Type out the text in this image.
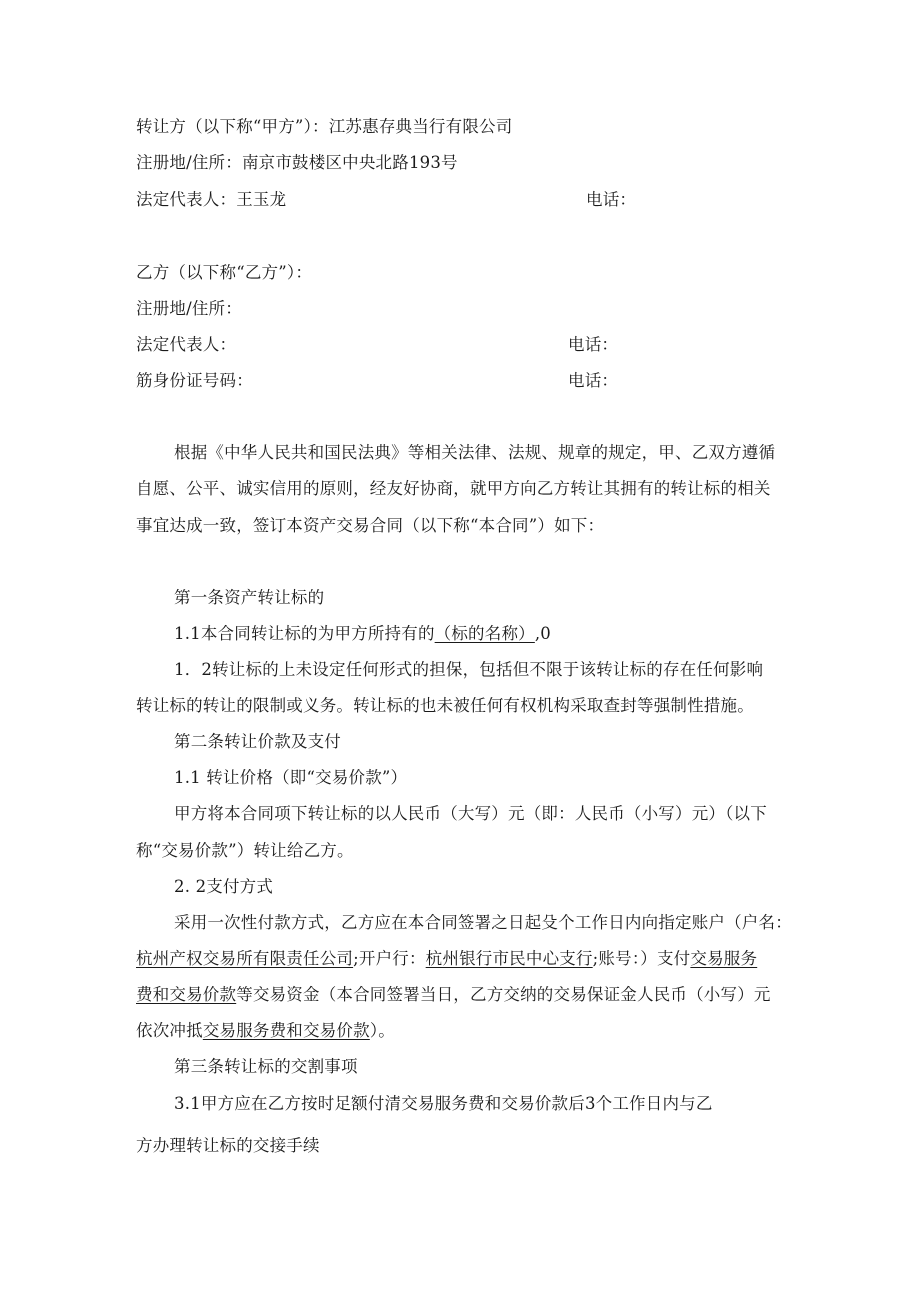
转让方（以下称“甲方”）：江苏惠存典当行有限公司
注册地/住所：南京市鼓楼区中央北路193号
法定代表人：王玉龙	电话：
乙方（以下称“乙方”）：
注册地/住所：
法定代表人：	电话：
筋身份证号码：	电话：
根据《中华人民共和国民法典》等相关法律、法规、规章的规定，甲、乙双方遵循
自愿、公平、诚实信用的原则，经友好协商，就甲方向乙方转让其拥有的转让标的相关
事宜达成一致，签订本资产交易合同（以下称“本合同”）如下：
第一条资产转让标的
1.1本合同转让标的为甲方所持有的（标的名称）,0
1．2转让标的上未设定任何形式的担保，包括但不限于该转让标的存在任何影响
转让标的转让的限制或义务。转让标的也未被任何有权机构采取查封等强制性措施。
第二条转让价款及支付
1.1 转让价格（即“交易价款”）
甲方将本合同项下转让标的以人民币（大写）元（即：人民币（小写）元）（以下
称“交易价款”）转让给乙方。
2. 2支付方式
采用一次性付款方式，乙方应在本合同签署之日起殳个工作日内向指定账户（户名：
杭州产权交易所有限责任公司;开户行：杭州银行市民中心支行;账号：）支付交易服务
费和交易价款等交易资金（本合同签署当日，乙方交纳的交易保证金人民币（小写）元
依次冲抵交易服务费和交易价款）。
第三条转让标的交割事项
3.1甲方应在乙方按时足额付清交易服务费和交易价款后3个工作日内与乙
方办理转让标的交接手续
